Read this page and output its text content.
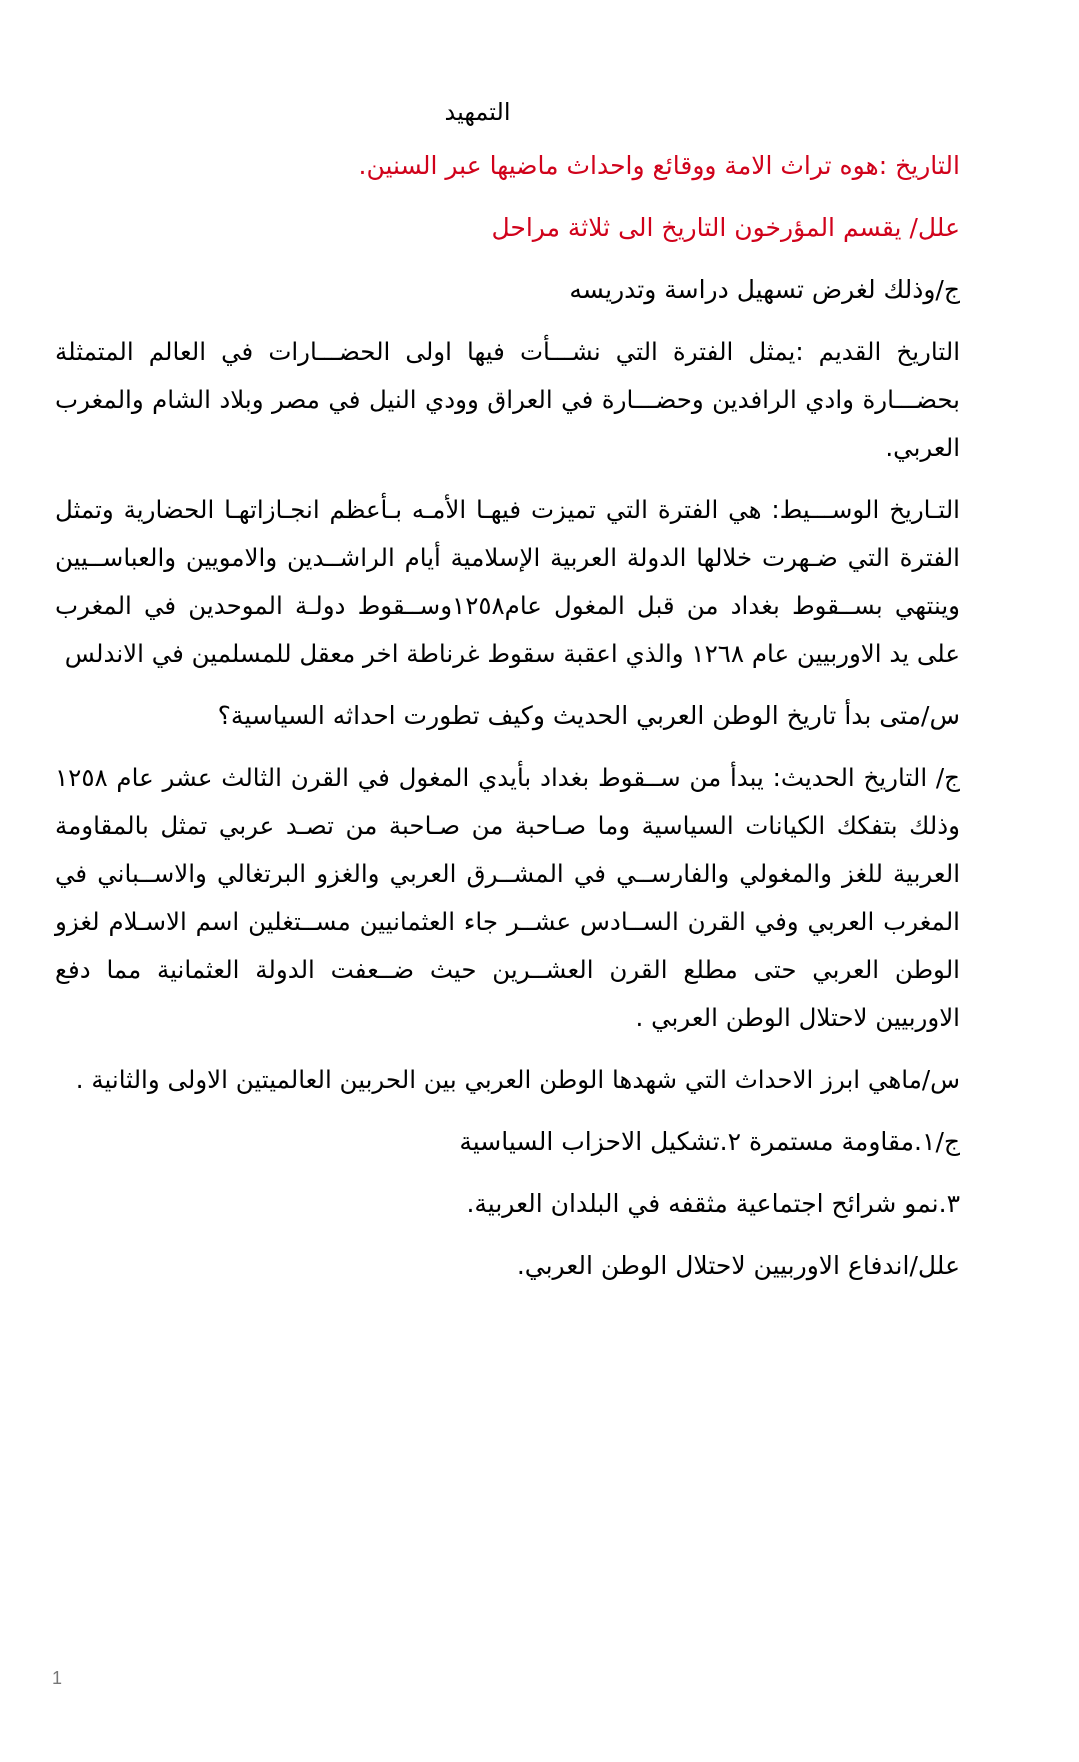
التمهيد
التاريخ :هوه تراث الامة ووقائع واحداث ماضيها عبر السنين.
علل/ يقسم المؤرخون التاريخ الى ثلاثة مراحل
ج/وذلك لغرض تسهيل دراسة وتدريسه
التاريخ القديم :يمثل الفترة التي نشـــأت فيها اولى الحضـــارات في العالم المتمثلة بحضـــارة وادي الرافدين وحضـــارة في العراق وودي النيل في مصر وبلاد الشام والمغرب العربي.
التـاريخ الوســـيط: هي الفترة التي تميزت فيهـا الأمـه بـأعظم انجـازاتهـا الحضارية وتمثل الفترة التي ضـهرت خلالها الدولة العربية الإسلامية أيام الراشــدين والامويين والعباســيين وينتهي بســقوط بغداد من قبل المغول عام١٢٥٨وســقوط دولـة الموحدين في المغرب على يد الاوربيين عام ١٢٦٨ والذي اعقبة سقوط غرناطة اخر معقل للمسلمين في الاندلس
س/متى بدأ تاريخ الوطن العربي الحديث وكيف تطورت احداثه السياسية؟
ج/ التاريخ الحديث: يبدأ من ســقوط بغداد بأيدي المغول في القرن الثالث عشر عام ١٢٥٨ وذلك بتفكك الكيانات السياسية وما صـاحبة من صـاحبة من تصـد عربي تمثل بالمقاومة العربية للغز والمغولي والفارســي في المشــرق العربي والغزو البرتغالي والاســباني في المغرب العربي وفي القرن الســادس عشــر جاء العثمانيين مســتغلين اسم الاسـلام لغزو الوطن العربي حتى مطلع القرن العشــرين حيث ضــعفت الدولة العثمانية مما دفع الاوربيين لاحتلال الوطن العربي .
س/ماهي ابرز الاحداث التي شهدها الوطن العربي بين الحربين العالميتين الاولى والثانية .
ج/١.مقاومة مستمرة ٢.تشكيل الاحزاب السياسية
٣.نمو شرائح اجتماعية مثقفه في البلدان العربية.
علل/اندفاع الاوربيين لاحتلال الوطن العربي.
1
